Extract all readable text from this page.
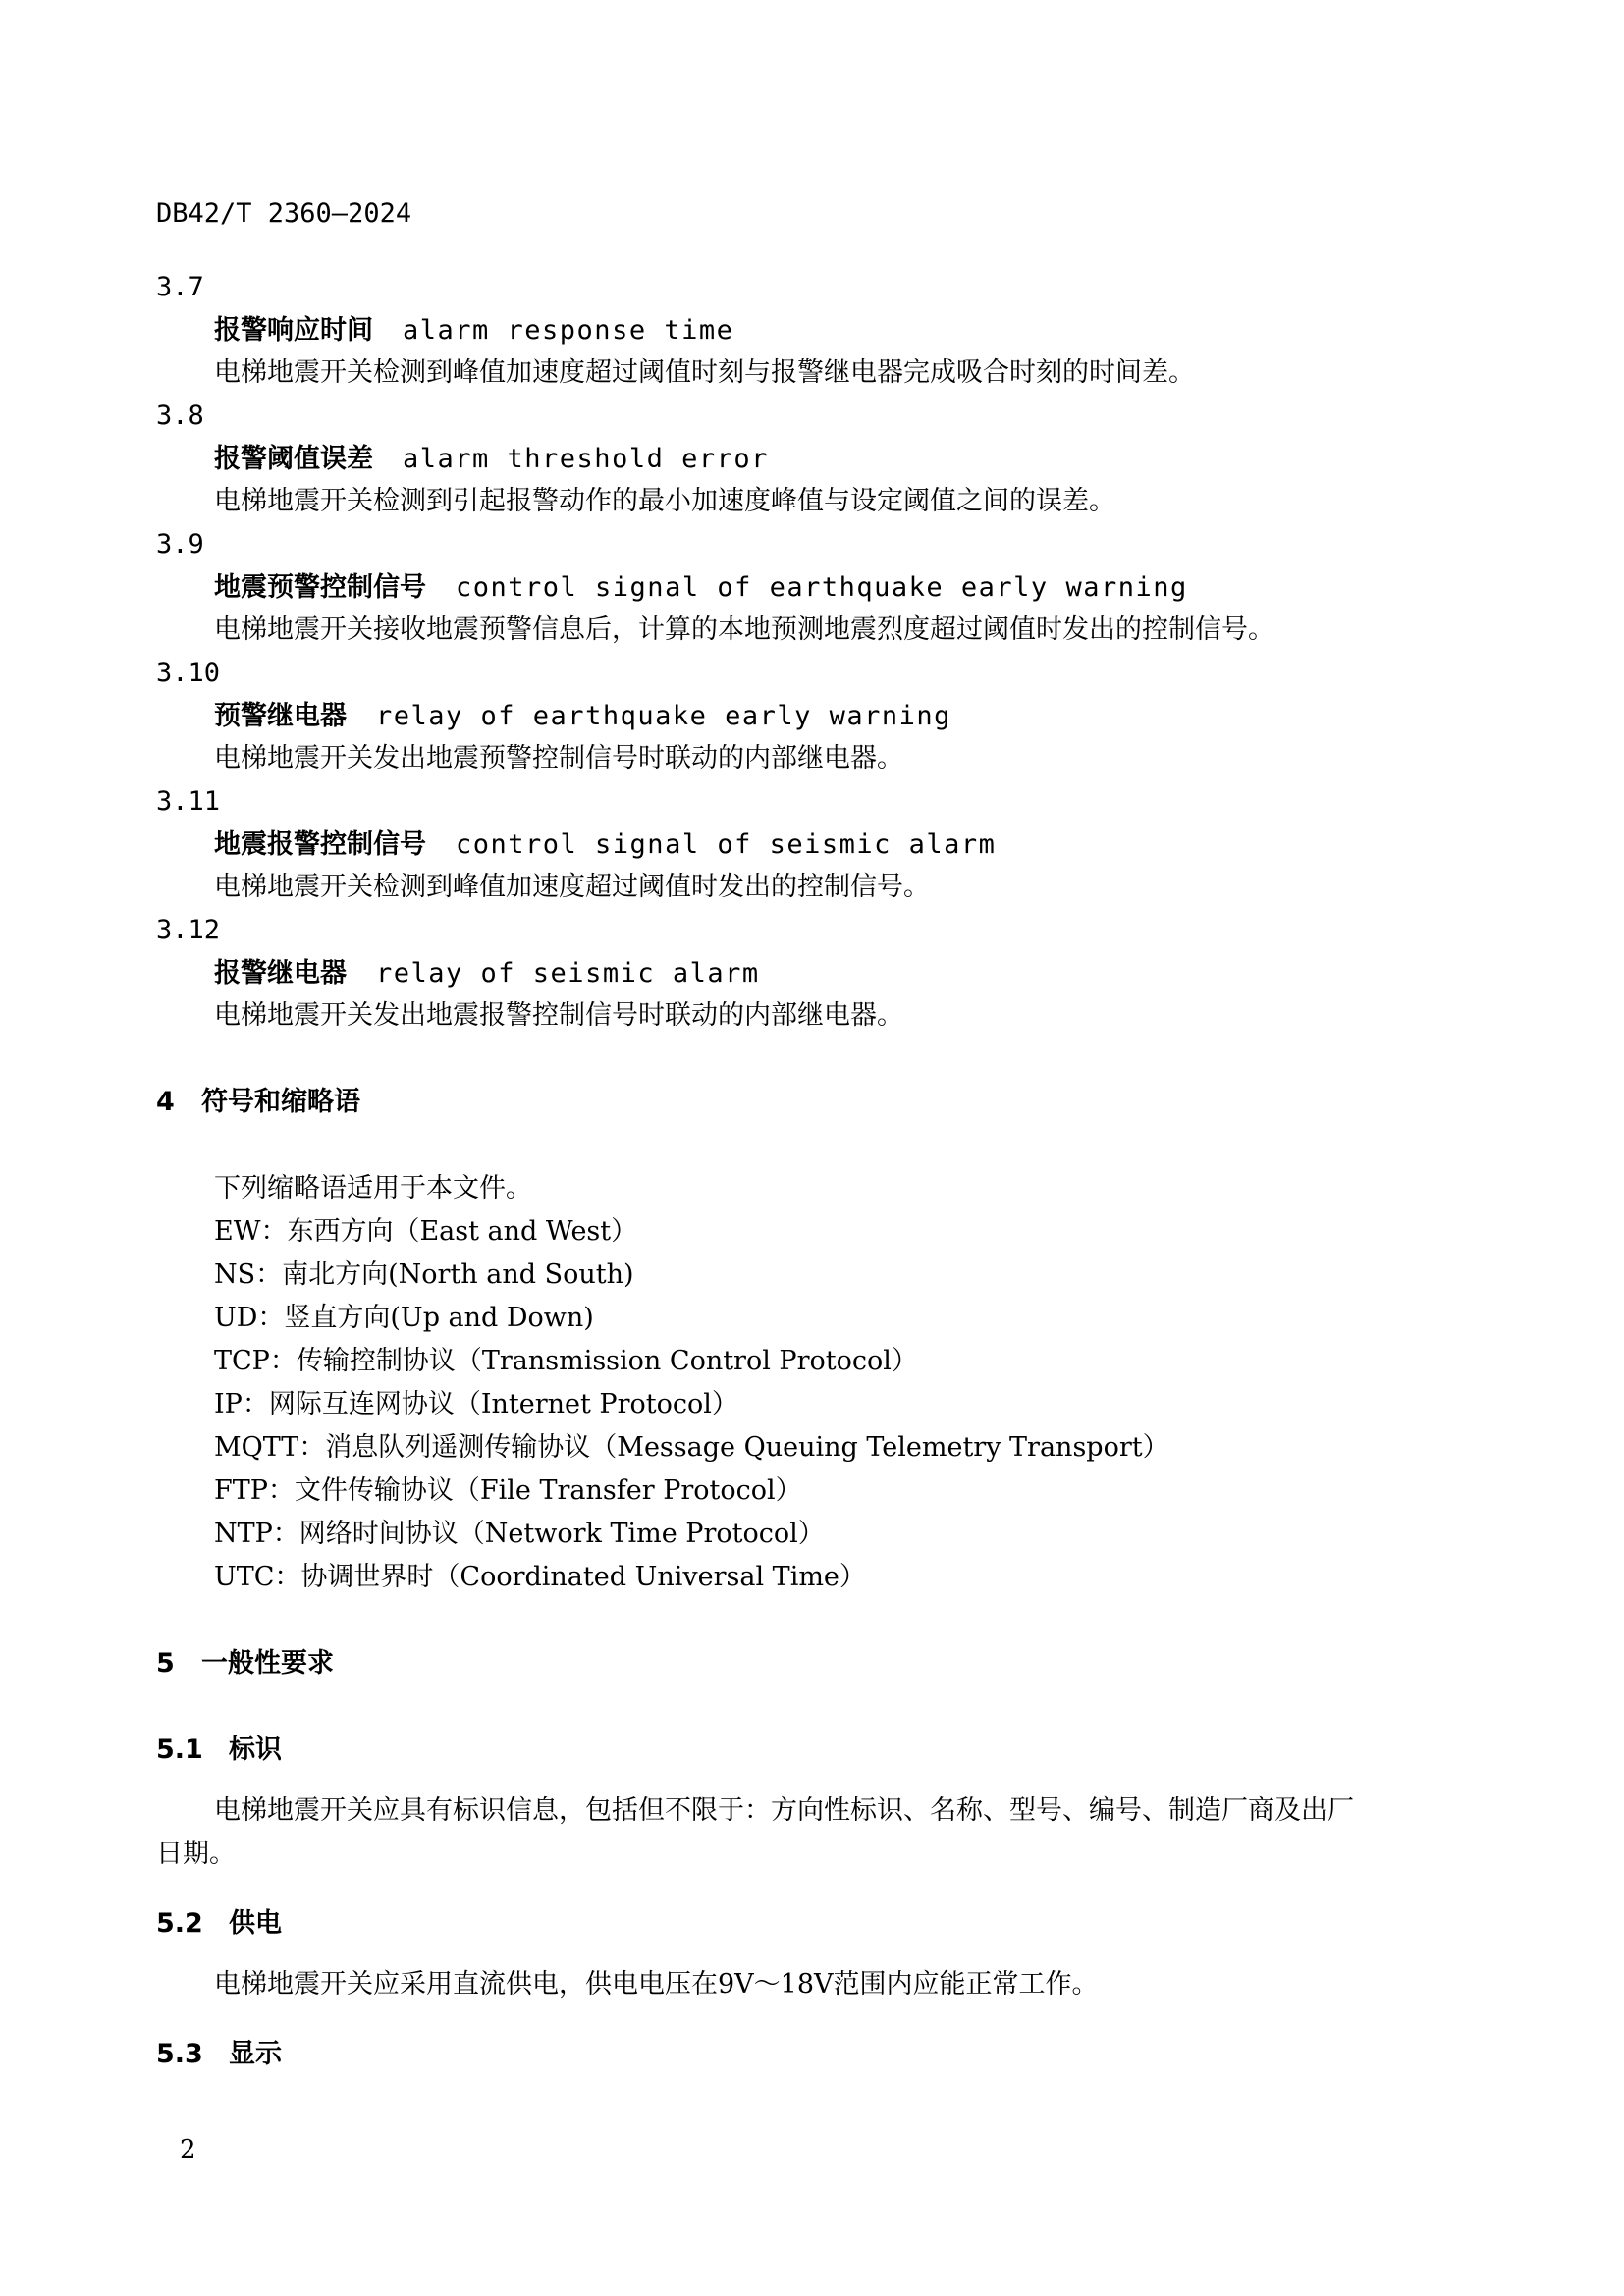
DB42/T 2360—2024
3.7
报警响应时间 alarm response time
电梯地震开关检测到峰值加速度超过阈值时刻与报警继电器完成吸合时刻的时间差。
3.8
报警阈值误差 alarm threshold error
电梯地震开关检测到引起报警动作的最小加速度峰值与设定阈值之间的误差。
3.9
地震预警控制信号 control signal of earthquake early warning
电梯地震开关接收地震预警信息后，计算的本地预测地震烈度超过阈值时发出的控制信号。
3.10
预警继电器 relay of earthquake early warning
电梯地震开关发出地震预警控制信号时联动的内部继电器。
3.11
地震报警控制信号 control signal of seismic alarm
电梯地震开关检测到峰值加速度超过阈值时发出的控制信号。
3.12
报警继电器 relay of seismic alarm
电梯地震开关发出地震报警控制信号时联动的内部继电器。
4 符号和缩略语
下列缩略语适用于本文件。
EW：东西方向（East and West）
NS：南北方向(North and South)
UD：竖直方向(Up and Down)
TCP：传输控制协议（Transmission Control Protocol）
IP：网际互连网协议（Internet Protocol）
MQTT：消息队列遥测传输协议（Message Queuing Telemetry Transport）
FTP：文件传输协议（File Transfer Protocol）
NTP：网络时间协议（Network Time Protocol）
UTC：协调世界时（Coordinated Universal Time）
5 一般性要求
5.1 标识
电梯地震开关应具有标识信息，包括但不限于：方向性标识、名称、型号、编号、制造厂商及出厂
日期。
5.2 供电
电梯地震开关应采用直流供电，供电电压在9V～18V范围内应能正常工作。
5.3 显示
2
